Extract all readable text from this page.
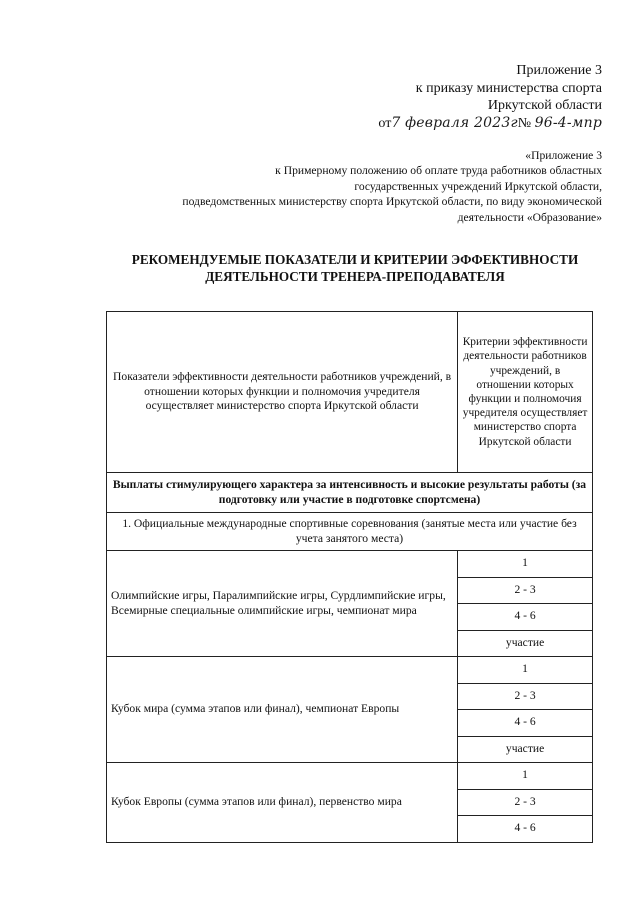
Приложение 3
к приказу министерства спорта
Иркутской области
от7 февраля 2023г№ 96-4-мпр
«Приложение 3
к Примерному положению об оплате труда работников областных
государственных учреждений Иркутской области,
подведомственных министерству спорта Иркутской области, по виду экономической
деятельности «Образование»
РЕКОМЕНДУЕМЫЕ ПОКАЗАТЕЛИ И КРИТЕРИИ ЭФФЕКТИВНОСТИ
ДЕЯТЕЛЬНОСТИ ТРЕНЕРА-ПРЕПОДАВАТЕЛЯ
Показатели эффективности деятельности работников учреждений, в отношении которых функции и полномочия учредителя осуществляет министерство спорта Иркутской области	Критерии эффективности деятельности работников учреждений, в отношении которых функции и полномочия учредителя осуществляет министерство спорта Иркутской области
Выплаты стимулирующего характера за интенсивность и высокие результаты работы (за подготовку или участие в подготовке спортсмена)	
1. Официальные международные спортивные соревнования (занятые места или участие без учета занятого места)	
Олимпийские игры, Паралимпийские игры, Сурдлимпийские игры, Всемирные специальные олимпийские игры, чемпионат мира	1
	2 - 3
	4 - 6
	участие
Кубок мира (сумма этапов или финал), чемпионат Европы	1
	2 - 3
	4 - 6
	участие
Кубок Европы (сумма этапов или финал), первенство мира	1
	2 - 3
	4 - 6
